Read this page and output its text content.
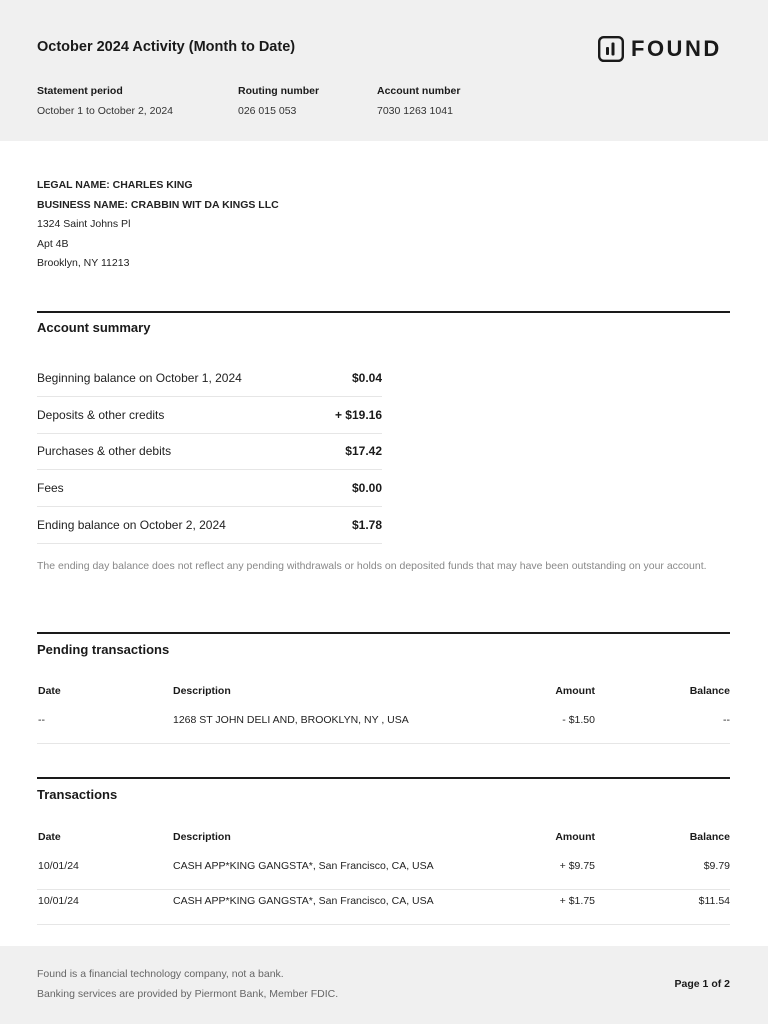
October 2024 Activity (Month to Date)	FOUND
Statement period
October 1 to October 2, 2024
Routing number
026 015 053
Account number
7030 1263 1041
LEGAL NAME: CHARLES KING
BUSINESS NAME: CRABBIN WIT DA KINGS LLC
1324 Saint Johns Pl
Apt 4B
Brooklyn, NY 11213
Account summary
Beginning balance on October 1, 2024	$0.04
Deposits & other credits	+ $19.16
Purchases & other debits	$17.42
Fees	$0.00
Ending balance on October 2, 2024	$1.78
The ending day balance does not reflect any pending withdrawals or holds on deposited funds that may have been outstanding on your account.
Pending transactions
Date	Description	Amount	Balance
--	1268 ST JOHN DELI AND, BROOKLYN, NY , USA	- $1.50	--
Transactions
Date	Description	Amount	Balance
10/01/24	CASH APP*KING GANGSTA*, San Francisco, CA, USA	+ $9.75	$9.79
10/01/24	CASH APP*KING GANGSTA*, San Francisco, CA, USA	+ $1.75	$11.54
Found is a financial technology company, not a bank.
Banking services are provided by Piermont Bank, Member FDIC.
Page 1 of 2
